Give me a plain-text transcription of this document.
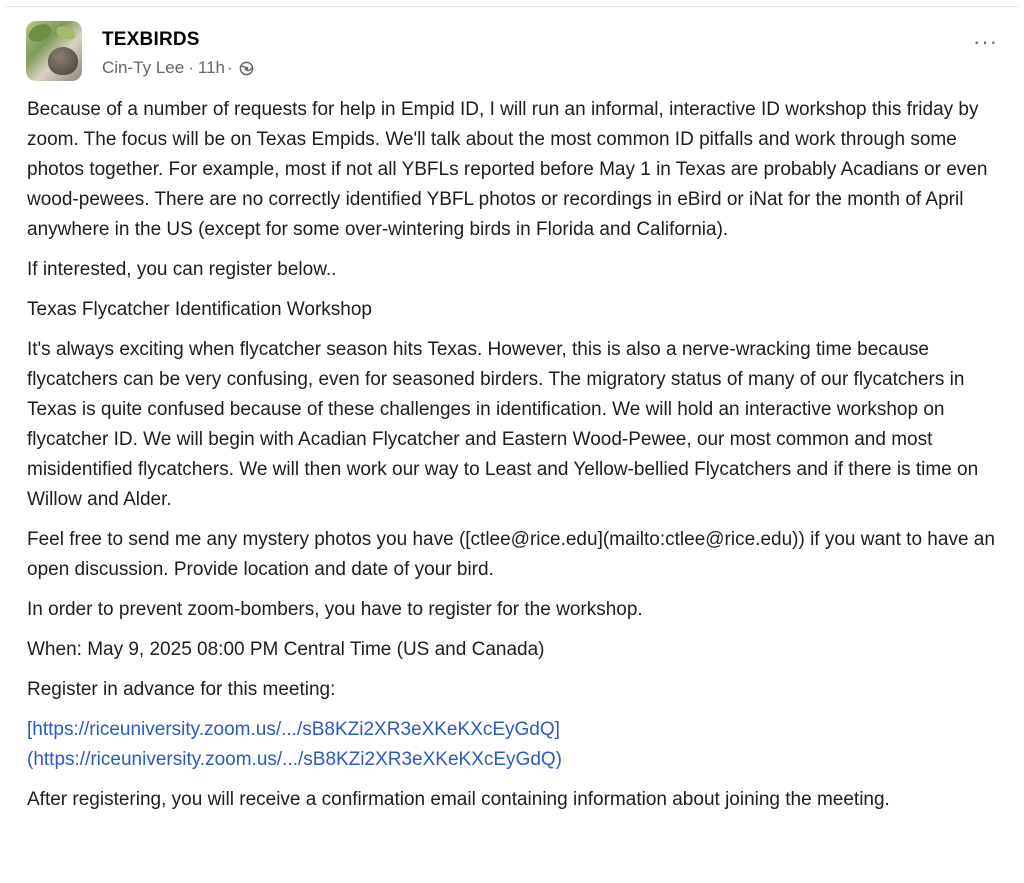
TEXBIRDS
Cin-Ty Lee · 11h ·
···

Because of a number of requests for help in Empid ID, I will run an informal, interactive ID workshop this friday by zoom. The focus will be on Texas Empids. We'll talk about the most common ID pitfalls and work through some photos together. For example, most if not all YBFLs reported before May 1 in Texas are probably Acadians or even wood-pewees. There are no correctly identified YBFL photos or recordings in eBird or iNat for the month of April anywhere in the US (except for some over-wintering birds in Florida and California).

If interested, you can register below..

Texas Flycatcher Identification Workshop

It's always exciting when flycatcher season hits Texas. However, this is also a nerve-wracking time because flycatchers can be very confusing, even for seasoned birders. The migratory status of many of our flycatchers in Texas is quite confused because of these challenges in identification. We will hold an interactive workshop on flycatcher ID. We will begin with Acadian Flycatcher and Eastern Wood-Pewee, our most common and most misidentified flycatchers. We will then work our way to Least and Yellow-bellied Flycatchers and if there is time on Willow and Alder.

Feel free to send me any mystery photos you have ([ctlee@rice.edu](mailto:ctlee@rice.edu)) if you want to have an open discussion. Provide location and date of your bird.

In order to prevent zoom-bombers, you have to register for the workshop.

When: May 9, 2025 08:00 PM Central Time (US and Canada)

Register in advance for this meeting:

[https://riceuniversity.zoom.us/.../sB8KZi2XR3eXKeKXcEyGdQ]
(https://riceuniversity.zoom.us/.../sB8KZi2XR3eXKeKXcEyGdQ)

After registering, you will receive a confirmation email containing information about joining the meeting.
